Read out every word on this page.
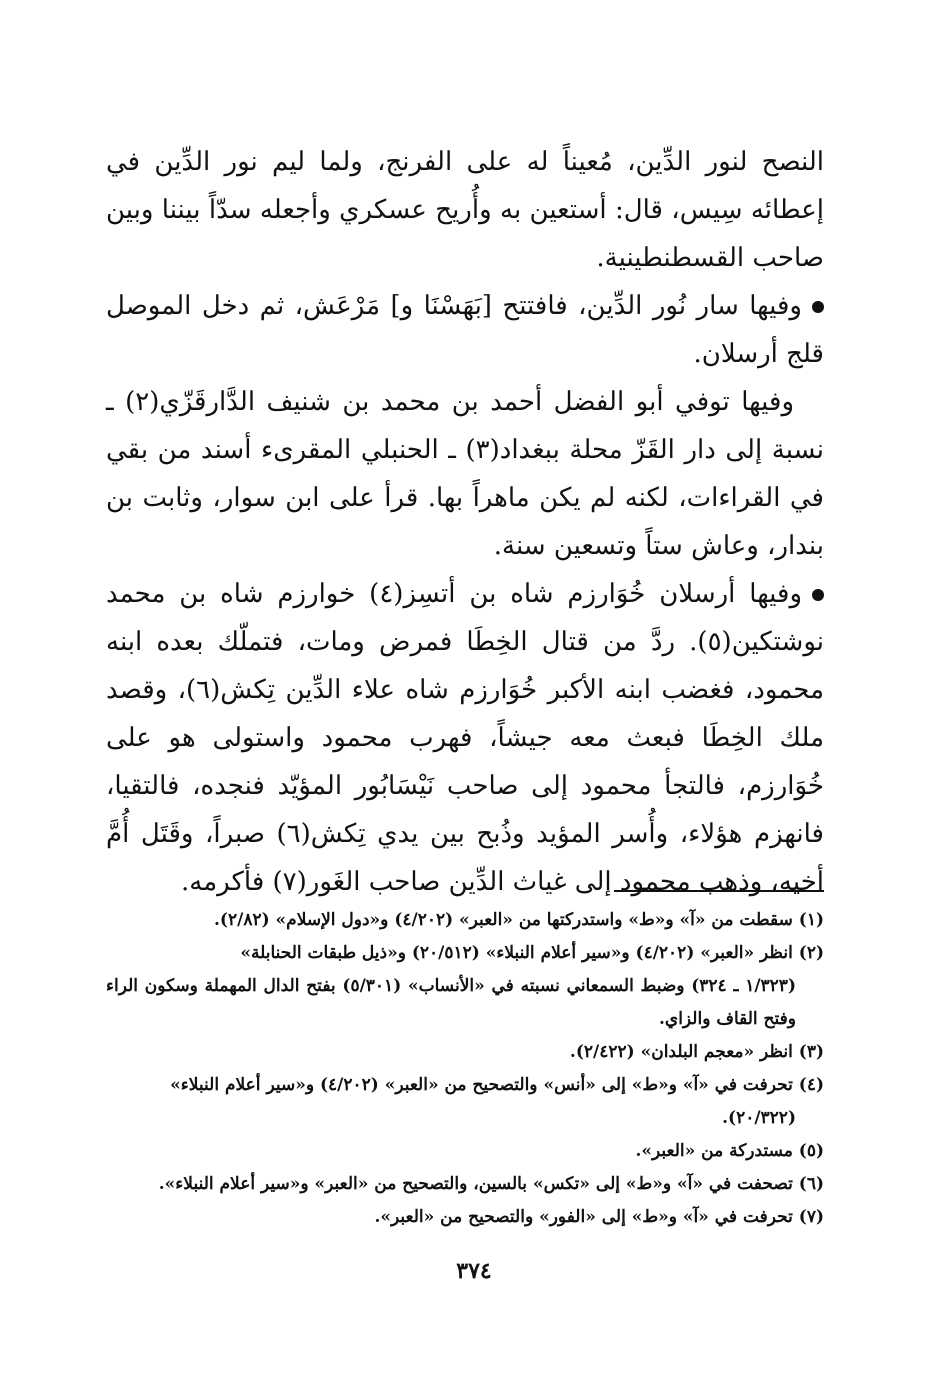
النصح لنور الدِّين، مُعيناً له على الفرنج، ولما ليم نور الدِّين في إعطائه سِيس، قال: أستعين به وأُريح عسكري وأجعله سدّاً بيننا وبين صاحب القسطنطينية.

وفيها سار نُور الدِّين، فافتتح [بَهَسْنَا و] مَرْعَش، ثم دخل الموصل قلج أرسلان.

وفيها توفي أبو الفضل أحمد بن محمد بن شنيف الدَّارقَزّي(٢) ـ نسبة إلى دار القَزّ محلة ببغداد(٣) ـ الحنبلي المقرىء أسند من بقي في القراءات، لكنه لم يكن ماهراً بها. قرأ على ابن سوار، وثابت بن بندار، وعاش ستاً وتسعين سنة.

وفيها أرسلان خُوَارزم شاه بن أتسِز(٤) خوارزم شاه بن محمد نوشتكين(٥). ردَّ من قتال الخِطَا فمرض ومات، فتملّك بعده ابنه محمود، فغضب ابنه الأكبر خُوَارزم شاه علاء الدِّين تِكش(٦)، وقصد ملك الخِطَا فبعث معه جيشاً، فهرب محمود واستولى هو على خُوَارزم، فالتجأ محمود إلى صاحب نَيْسَابُور المؤيّد فنجده، فالتقيا، فانهزم هؤلاء، وأُسر المؤيد وذُبح بين يدي تِكش(٦) صبراً، وقَتَل أُمَّ أخيه، وذهب محمود إلى غياث الدِّين صاحب الغَور(٧) فأكرمه.

(١) سقطت من «آ» و«ط» واستدركتها من «العبر» (٤/٢٠٢) و«دول الإسلام» (٢/٨٢).

(٢) انظر «العبر» (٤/٢٠٢) و«سير أعلام النبلاء» (٢٠/٥١٢) و«ذيل طبقات الحنابلة»

(١/٣٢٣ ـ ٣٢٤) وضبط السمعاني نسبته في «الأنساب» (٥/٣٠١) بفتح الدال المهملة وسكون الراء وفتح القاف والزاي.

(٣) انظر «معجم البلدان» (٢/٤٢٢).

(٤) تحرفت في «آ» و«ط» إلى «أنس» والتصحيح من «العبر» (٤/٢٠٢) و«سير أعلام النبلاء»

(٢٠/٣٢٢).

(٥) مستدركة من «العبر».

(٦) تصحفت في «آ» و«ط» إلى «تكس» بالسين، والتصحيح من «العبر» و«سير أعلام النبلاء».

(٧) تحرفت في «آ» و«ط» إلى «الفور» والتصحيح من «العبر».

٣٧٤
